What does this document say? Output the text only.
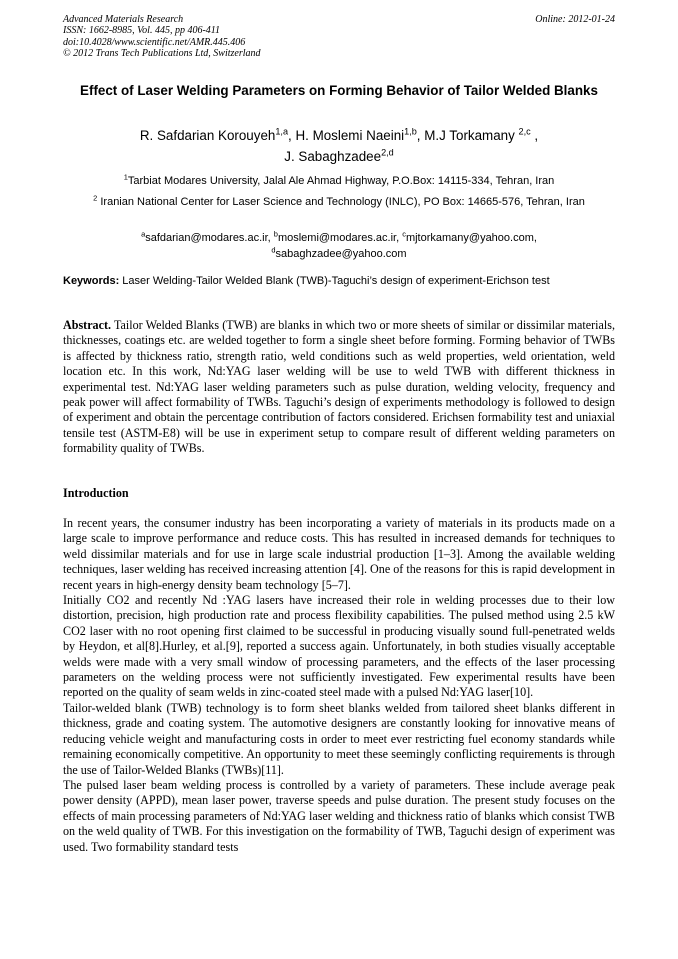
Advanced Materials Research
ISSN: 1662-8985, Vol. 445, pp 406-411
doi:10.4028/www.scientific.net/AMR.445.406
© 2012 Trans Tech Publications Ltd, Switzerland
Online: 2012-01-24
Effect of Laser Welding Parameters on Forming Behavior of Tailor Welded Blanks
R. Safdarian Korouyeh$^{1,a}$, H. Moslemi Naeini$^{1,b}$, M.J Torkamany $^{2,c}$ ,
J. Sabaghzadee$^{2,d}$
$^1$Tarbiat Modares University, Jalal Ale Ahmad Highway, P.O.Box: 14115-334, Tehran, Iran
$^2$ Iranian National Center for Laser Science and Technology (INLC), PO Box: 14665-576, Tehran, Iran
$^a$safdarian@modares.ac.ir, $^b$moslemi@modares.ac.ir, $^c$mjtorkamany@yahoo.com,
$^d$sabaghzadee@yahoo.com
Keywords: Laser Welding-Tailor Welded Blank (TWB)-Taguchi’s design of experiment-Erichson test
Abstract. Tailor Welded Blanks (TWB) are blanks in which two or more sheets of similar or dissimilar materials, thicknesses, coatings etc. are welded together to form a single sheet before forming. Forming behavior of TWBs is affected by thickness ratio, strength ratio, weld conditions such as weld properties, weld orientation, weld location etc. In this work, Nd:YAG laser welding will be use to weld TWB with different thickness in experimental test. Nd:YAG laser welding parameters such as pulse duration, welding velocity, frequency and peak power will affect formability of TWBs. Taguchi’s design of experiments methodology is followed to design of experiment and obtain the percentage contribution of factors considered. Erichsen formability test and uniaxial tensile test (ASTM-E8) will be use in experiment setup to compare result of different welding parameters on formability quality of TWBs.
Introduction

In recent years, the consumer industry has been incorporating a variety of materials in its products made on a large scale to improve performance and reduce costs. This has resulted in increased demands for techniques to weld dissimilar materials and for use in large scale industrial production [1–3]. Among the available welding techniques, laser welding has received increasing attention [4]. One of the reasons for this is rapid development in recent years in high-energy density beam technology [5–7].

Initially CO2 and recently Nd :YAG lasers have increased their role in welding processes due to their low distortion, precision, high production rate and process flexibility capabilities. The pulsed method using 2.5 kW CO2 laser with no root opening first claimed to be successful in producing visually sound full-penetrated welds by Heydon, et al[8].Hurley, et al.[9], reported a success again. Unfortunately, in both studies visually acceptable welds were made with a very small window of processing parameters, and the effects of the laser processing parameters on the welding process were not sufficiently investigated. Few experimental results have been reported on the quality of seam welds in zinc-coated steel made with a pulsed Nd:YAG laser[10].

Tailor-welded blank (TWB) technology is to form sheet blanks welded from tailored sheet blanks different in thickness, grade and coating system. The automotive designers are constantly looking for innovative means of reducing vehicle weight and manufacturing costs in order to meet ever restricting fuel economy standards while remaining economically competitive. An opportunity to meet these seemingly conflicting requirements is through the use of Tailor-Welded Blanks (TWBs)[11].

The pulsed laser beam welding process is controlled by a variety of parameters. These include average peak power density (APPD), mean laser power, traverse speeds and pulse duration. The present study focuses on the effects of main processing parameters of Nd:YAG laser welding and thickness ratio of blanks which consist TWB on the weld quality of TWB. For this investigation on the formability of TWB, Taguchi design of experiment was used. Two formability standard tests
